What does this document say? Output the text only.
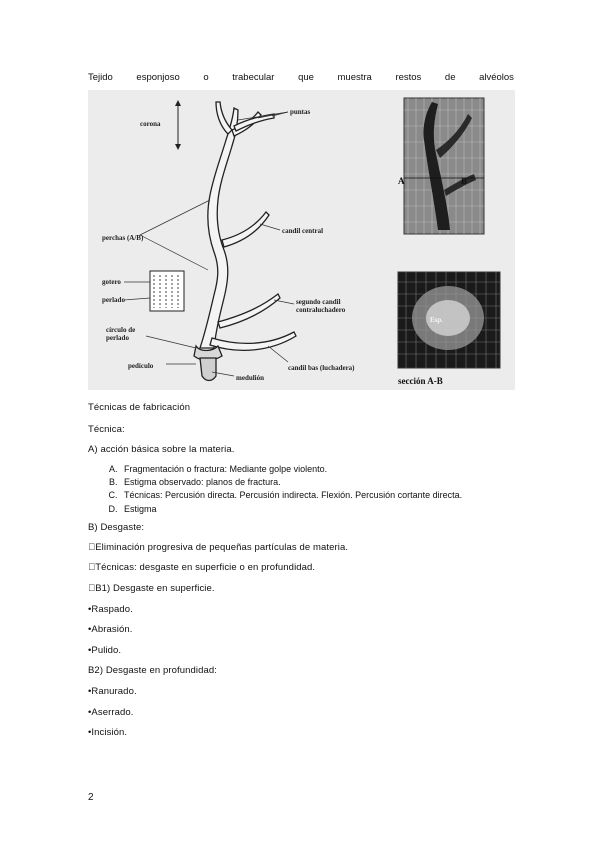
Tejido esponjoso o trabecular que muestra restos de alvéolos
corona
puntas
perchas (A/B)
candil central
gotero
perlado	segundo candil
contraluchadero
círculo de
perlado
pedículo	candil bas (luchadera)
medulión
A	B
Esp.
sección A-B
Técnicas de fabricación
Técnica:
A) acción básica sobre la materia.
A. Fragmentación o fractura: Mediante golpe violento.
B. Estigma observado: planos de fractura.
C. Técnicas: Percusión directa. Percusión indirecta. Flexión. Percusión cortante directa.
D. Estigma
B) Desgaste:
Eliminación progresiva de pequeñas partículas de materia.
Técnicas: desgaste en superficie o en profundidad.
B1) Desgaste en superficie.
•Raspado.
•Abrasión.
•Pulido.
B2) Desgaste en profundidad:
•Ranurado.
•Aserrado.
•Incisión.
2
